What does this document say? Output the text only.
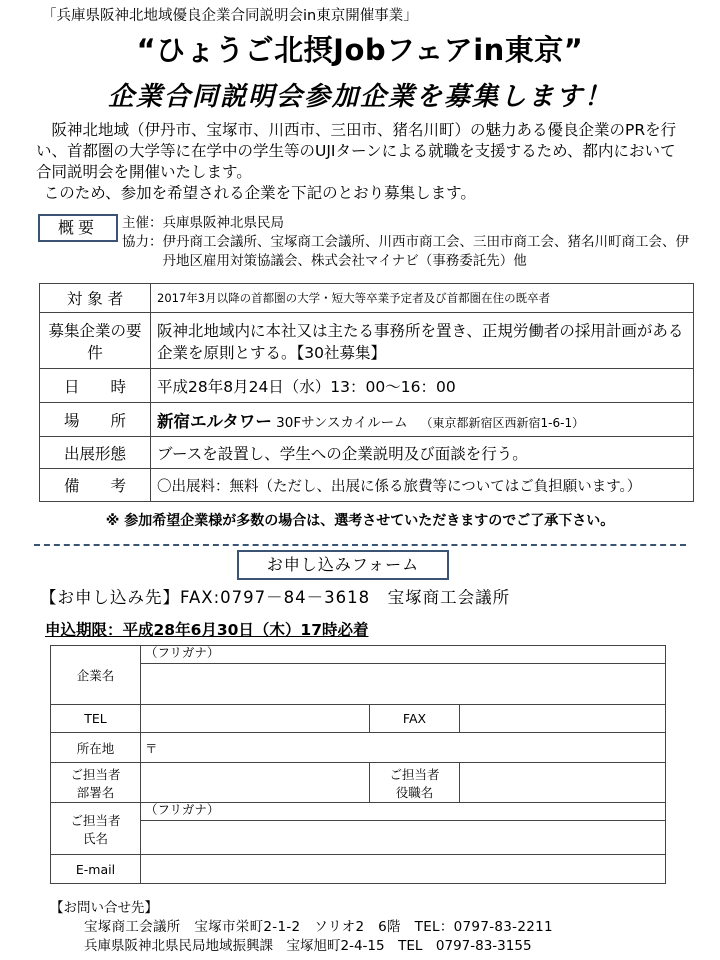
「兵庫県阪神北地域優良企業合同説明会in東京開催事業」
“ひょうご北摂Jobフェアin東京”
企業合同説明会参加企業を募集します！

阪神北地域（伊丹市、宝塚市、川西市、三田市、猪名川町）の魅力ある優良企業のPRを行い、首都圏の大学等に在学中の学生等のUJIターンによる就職を支援するため、都内において合同説明会を開催いたします。

このため、参加を希望される企業を下記のとおり募集します。

概要	主催： 兵庫県阪神北県民局
協力： 伊丹商工会議所、宝塚商工会議所、川西市商工会、三田市商工会、猪名川町商工会、伊丹地区雇用対策協議会、株式会社マイナビ（事務委託先）他
対 象 者	2017年3月以降の首都圏の大学・短大等卒業予定者及び首都圏在住の既卒者
募集企業の要件	阪神北地域内に本社又は主たる事務所を置き、正規労働者の採用計画がある企業を原則とする。【30社募集】
日　　時	平成28年8月24日（水）13：00～16：00
場　　所	新宿エルタワー 30Fサンスカイルーム （東京都新宿区西新宿1-6-1）
出展形態	ブースを設置し、学生への企業説明及び面談を行う。
備　　考	〇出展料：無料（ただし、出展に係る旅費等についてはご負担願います。）
※ 参加希望企業様が多数の場合は、選考させていただきますのでご了承下さい。
お申し込みフォーム
【お申し込み先】FAX:0797－84－3618　宝塚商工会議所
申込期限：平成28年6月30日（木）17時必着
企業名	（フリガナ）		

TEL		FAX	
所在地	〒		
ご担当者
部署名		ご担当者
役職名	
ご担当者
氏名	（フリガナ）		

E-mail			
【お問い合せ先】
宝塚商工会議所　宝塚市栄町2-1-2　ソリオ2　6階　TEL：0797-83-2211
兵庫県阪神北県民局地域振興課　宝塚旭町2-4-15　TEL　0797-83-3155
